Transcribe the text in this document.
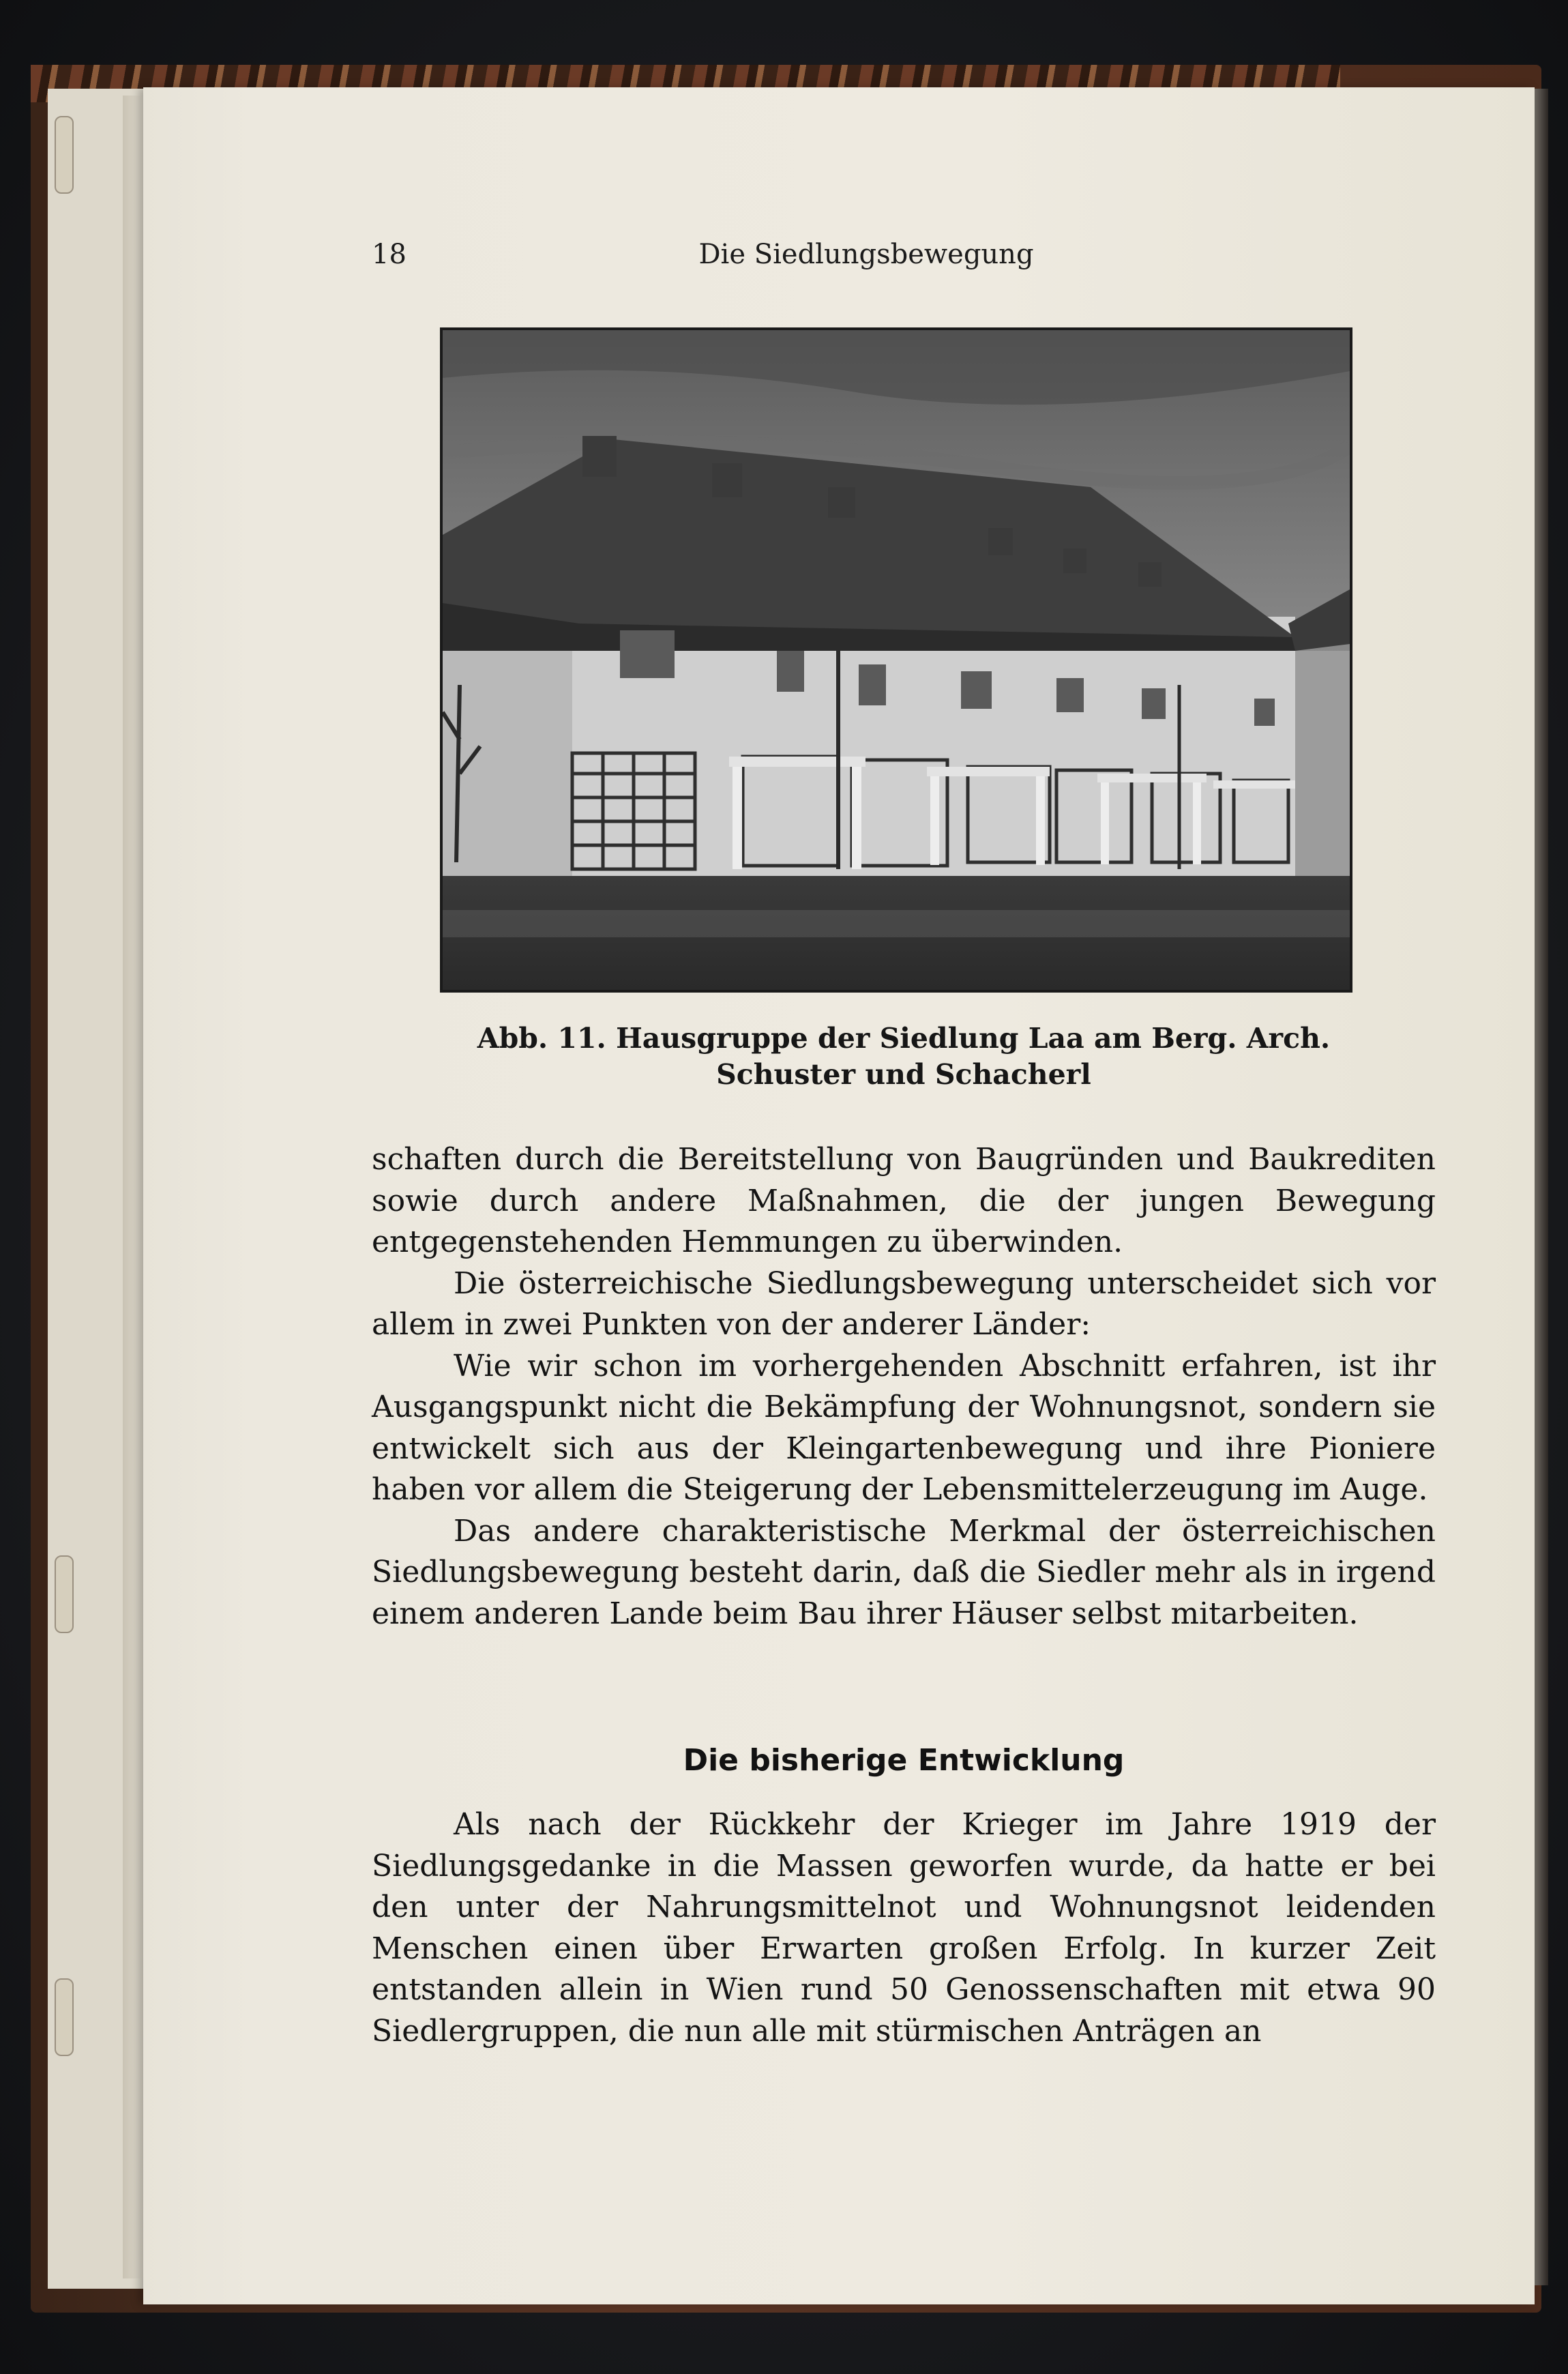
18	Die Siedlungsbewegung
Abb. 11. Hausgruppe der Siedlung Laa am Berg. Arch.
Schuster und Schacherl

schaften durch die Bereitstellung von Baugründen und Baukrediten sowie durch andere Maßnahmen, die der jungen Bewegung entgegenstehenden Hemmungen zu überwinden.

Die österreichische Siedlungsbewegung unterscheidet sich vor allem in zwei Punkten von der anderer Länder:

Wie wir schon im vorhergehenden Abschnitt erfahren, ist ihr Ausgangspunkt nicht die Bekämpfung der Wohnungsnot, sondern sie entwickelt sich aus der Kleingartenbewegung und ihre Pioniere haben vor allem die Steigerung der Lebensmittelerzeugung im Auge.

Das andere charakteristische Merkmal der österreichischen Siedlungsbewegung besteht darin, daß die Siedler mehr als in irgend einem anderen Lande beim Bau ihrer Häuser selbst mitarbeiten.

Die bisherige Entwicklung

Als nach der Rückkehr der Krieger im Jahre 1919 der Siedlungsgedanke in die Massen geworfen wurde, da hatte er bei den unter der Nahrungsmittelnot und Wohnungsnot leidenden Menschen einen über Erwarten großen Erfolg. In kurzer Zeit entstanden allein in Wien rund 50 Genossenschaften mit etwa 90 Siedlergruppen, die nun alle mit stürmischen Anträgen an
